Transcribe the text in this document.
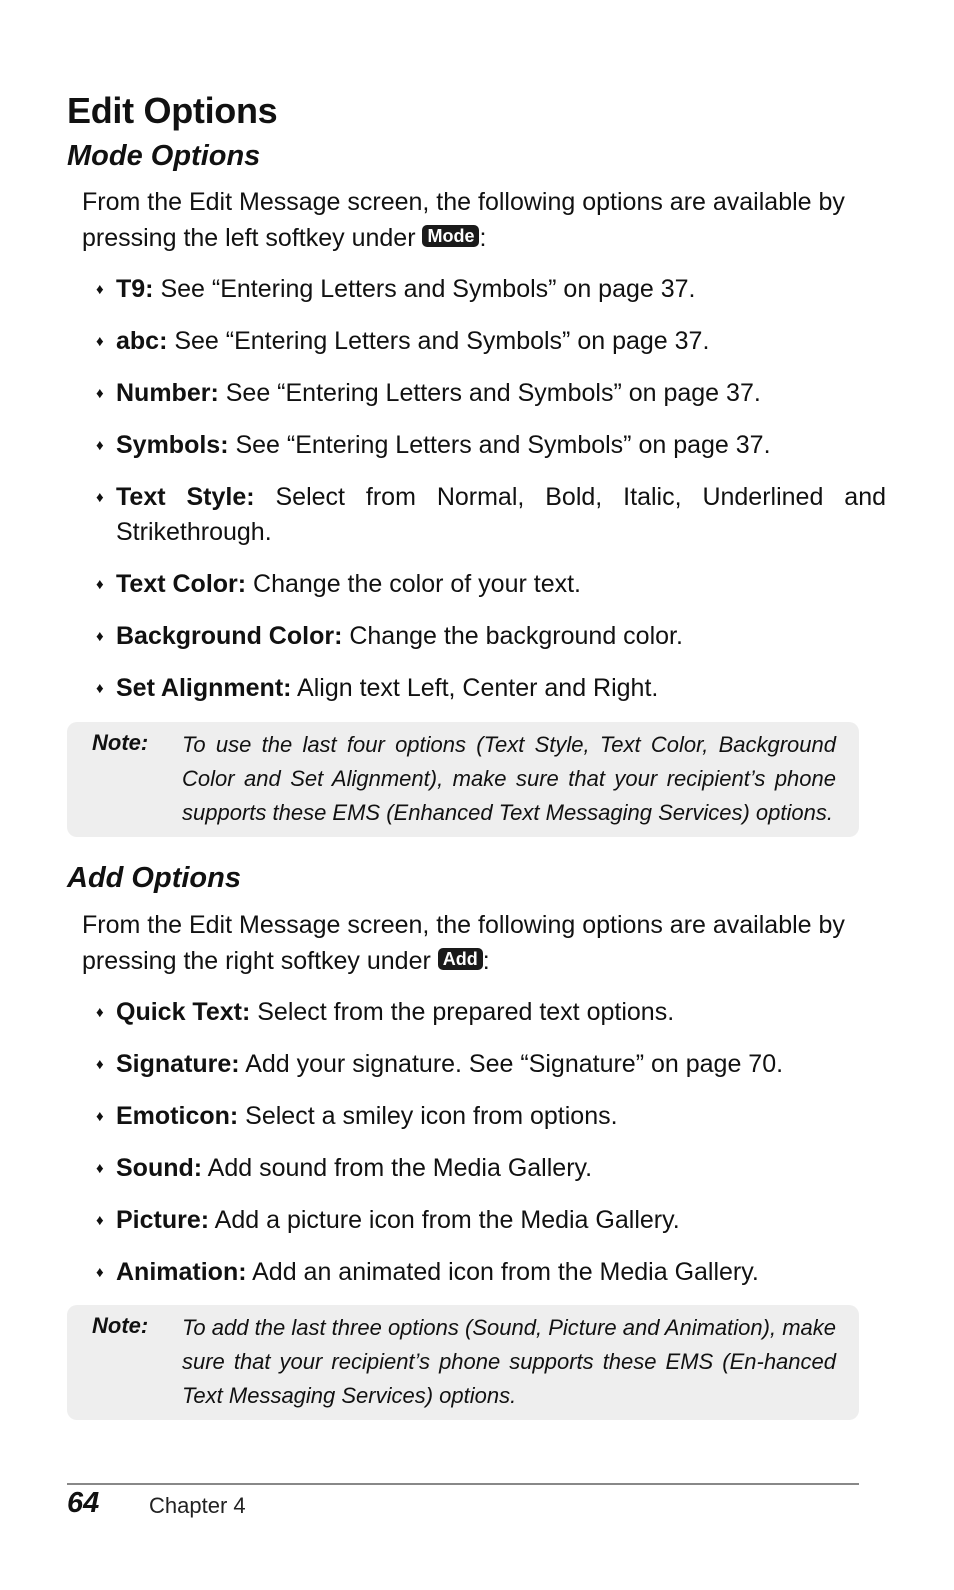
Edit Options
Mode Options
From the Edit Message screen, the following options are available by pressing the left softkey under Mode :
♦ T9: See “Entering Letters and Symbols” on page 37.
♦ abc: See “Entering Letters and Symbols” on page 37.
♦ Number: See “Entering Letters and Symbols” on page 37.
♦ Symbols: See “Entering Letters and Symbols” on page 37.
♦ Text Style: Select from Normal, Bold, Italic, Underlined and Strikethrough.
♦ Text Color: Change the color of your text.
♦ Background Color: Change the background color.
♦ Set Alignment: Align text Left, Center and Right.
Note: To use the last four options (Text Style, Text Color, Background Color and Set Alignment), make sure that your recipient’s phone supports these EMS (Enhanced Text Messaging Services) options.
Add Options
From the Edit Message screen, the following options are available by pressing the right softkey under Add :
♦ Quick Text: Select from the prepared text options.
♦ Signature: Add your signature. See “Signature” on page 70.
♦ Emoticon: Select a smiley icon from options.
♦ Sound: Add sound from the Media Gallery.
♦ Picture: Add a picture icon from the Media Gallery.
♦ Animation: Add an animated icon from the Media Gallery.
Note: To add the last three options (Sound, Picture and Animation), make sure that your recipient’s phone supports these EMS (En-hanced Text Messaging Services) options.
64 Chapter 4
